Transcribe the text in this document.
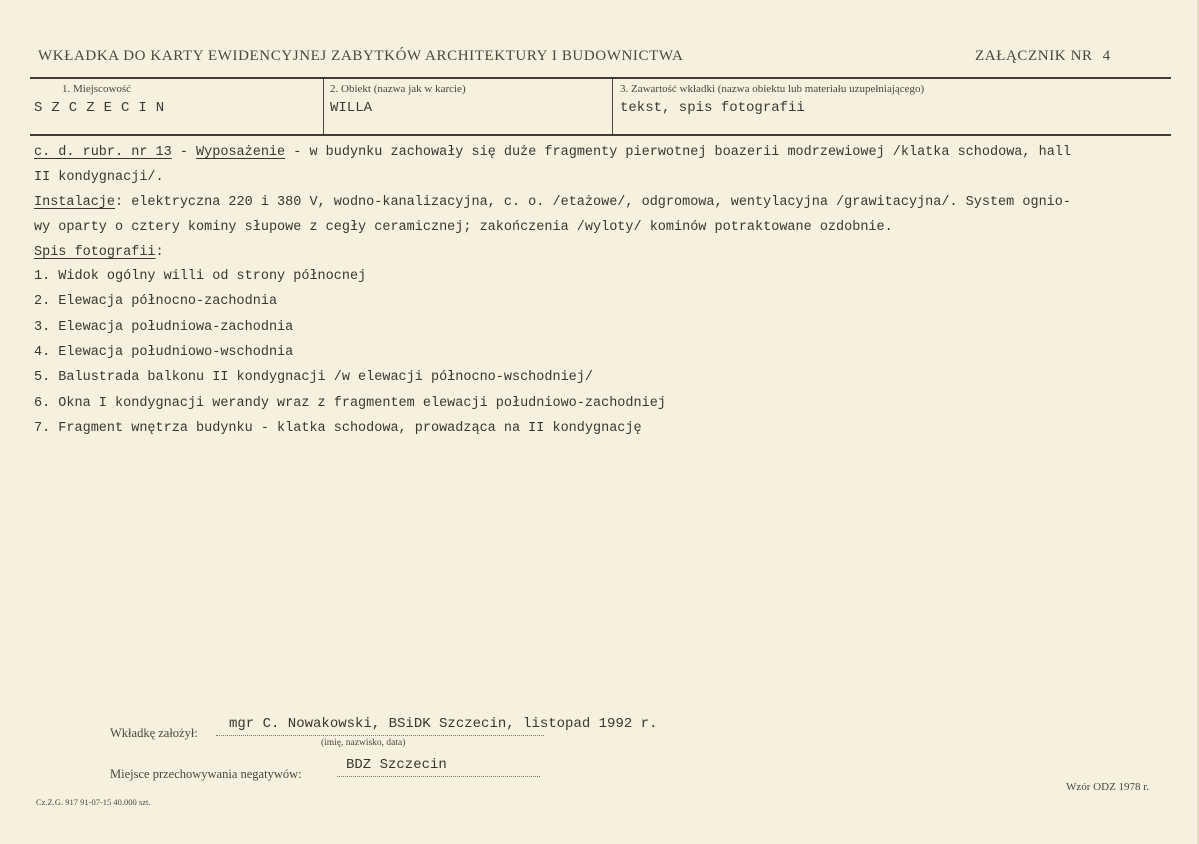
WKŁADKA DO KARTY EWIDENCYJNEJ ZABYTKÓW ARCHITEKTURY I BUDOWNICTWA	ZAŁĄCZNIK NR 4
1. Miejscowość
SZCZECIN
2. Obiekt (nazwa jak w karcie)
WILLA
3. Zawartość wkładki (nazwa obiektu lub materiału uzupełniającego)
tekst, spis fotografii
c. d. rubr. nr 13 - Wyposażenie - w budynku zachowały się duże fragmenty pierwotnej boazerii modrzewiowej /klatka schodowa, hall
II kondygnacji/.
Instalacje: elektryczna 220 i 380 V, wodno-kanalizacyjna, c. o. /etażowe/, odgromowa, wentylacyjna /grawitacyjna/. System ognio-
wy oparty o cztery kominy słupowe z cegły ceramicznej; zakończenia /wyloty/ kominów potraktowane ozdobnie.
Spis fotografii:
1. Widok ogólny willi od strony północnej
2. Elewacja północno-zachodnia
3. Elewacja południowa-zachodnia
4. Elewacja południowo-wschodnia
5. Balustrada balkonu II kondygnacji /w elewacji północno-wschodniej/
6. Okna I kondygnacji werandy wraz z fragmentem elewacji południowo-zachodniej
7. Fragment wnętrza budynku - klatka schodowa, prowadząca na II kondygnację
Wkładkę założył:
mgr C. Nowakowski, BSiDK Szczecin, listopad 1992 r.
(imię, nazwisko, data)
Miejsce przechowywania negatywów:
BDZ Szczecin
Cz.Z.G. 917 91-07-15 40.000 szt.
Wzór ODZ 1978 r.
